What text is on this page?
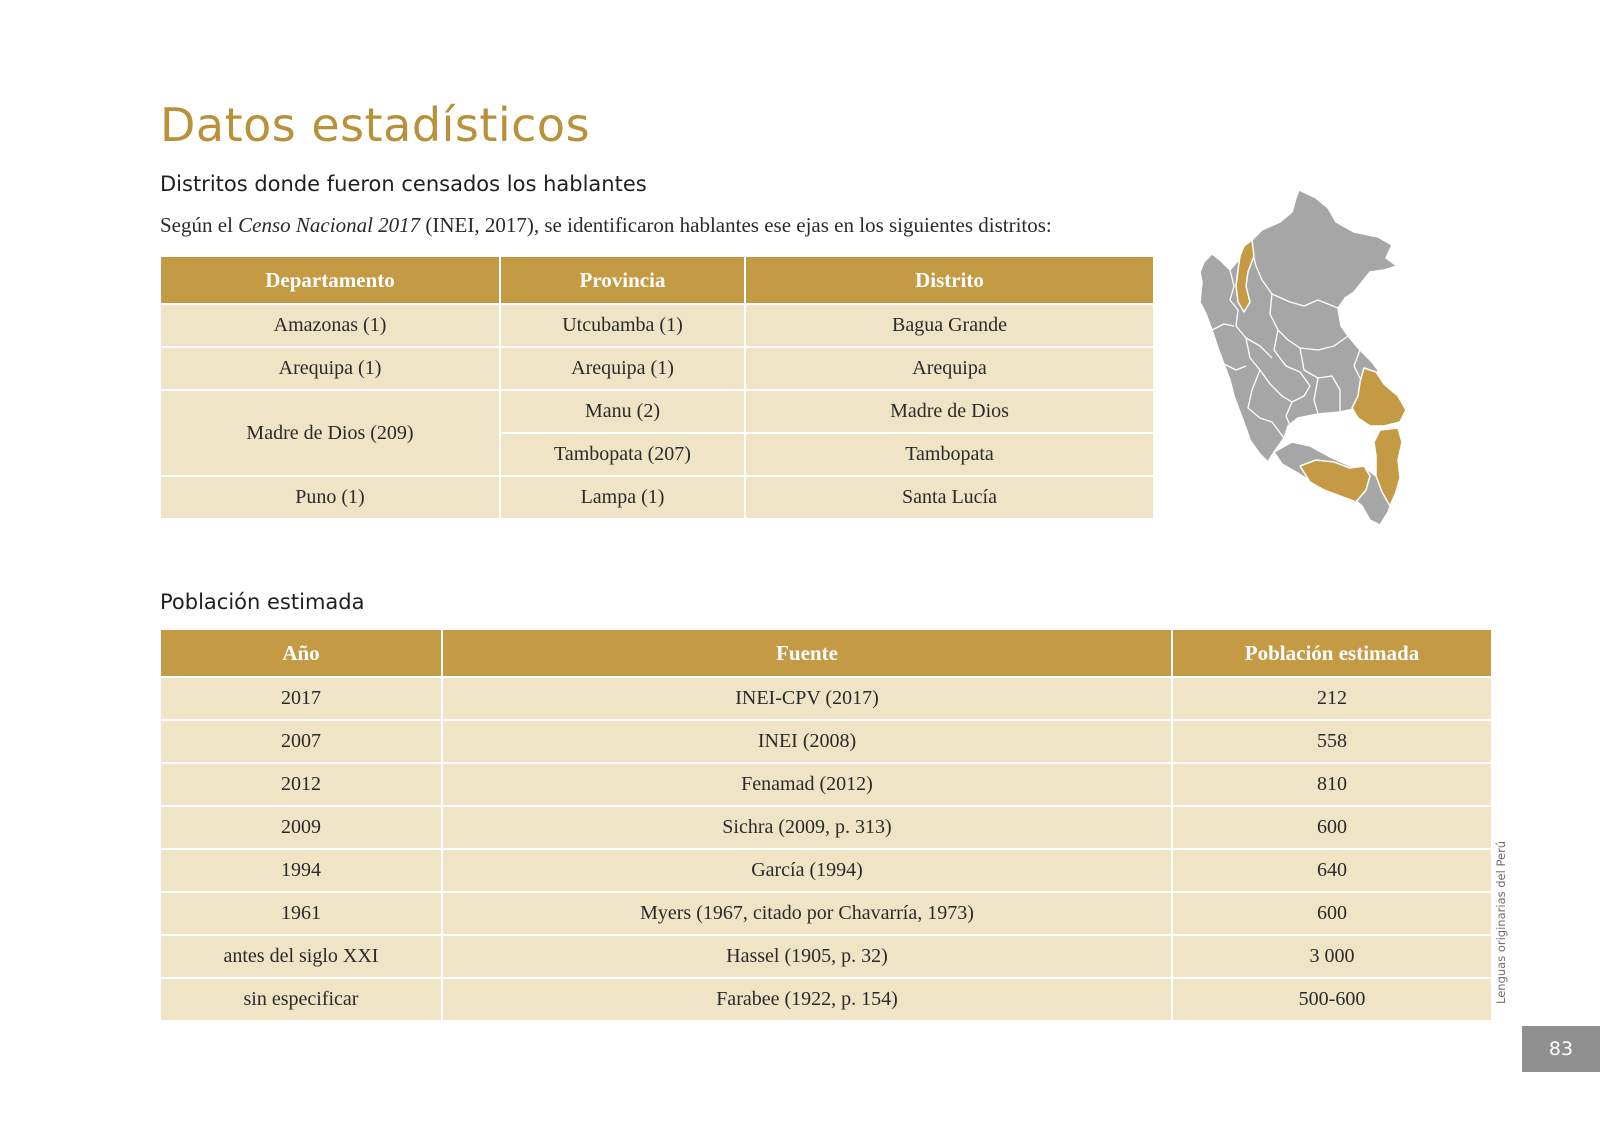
Datos estadísticos
Distritos donde fueron censados los hablantes

Según el Censo Nacional 2017 (INEI, 2017), se identificaron hablantes ese ejas en los siguientes distritos:

Departamento	Provincia	Distrito
Amazonas (1)	Utcubamba (1)	Bagua Grande
Arequipa (1)	Arequipa (1)	Arequipa
Madre de Dios (209)	Manu (2)	Madre de Dios
	Tambopata (207)	Tambopata
Puno (1)	Lampa (1)	Santa Lucía
Población estimada
Año	Fuente	Población estimada
2017	INEI-CPV (2017)	212
2007	INEI (2008)	558
2012	Fenamad (2012)	810
2009	Sichra (2009, p. 313)	600
1994	García (1994)	640
1961	Myers (1967, citado por Chavarría, 1973)	600
antes del siglo XXI	Hassel (1905, p. 32)	3 000
sin especificar	Farabee (1922, p. 154)	500-600	Lenguas originarias del Perú
83
